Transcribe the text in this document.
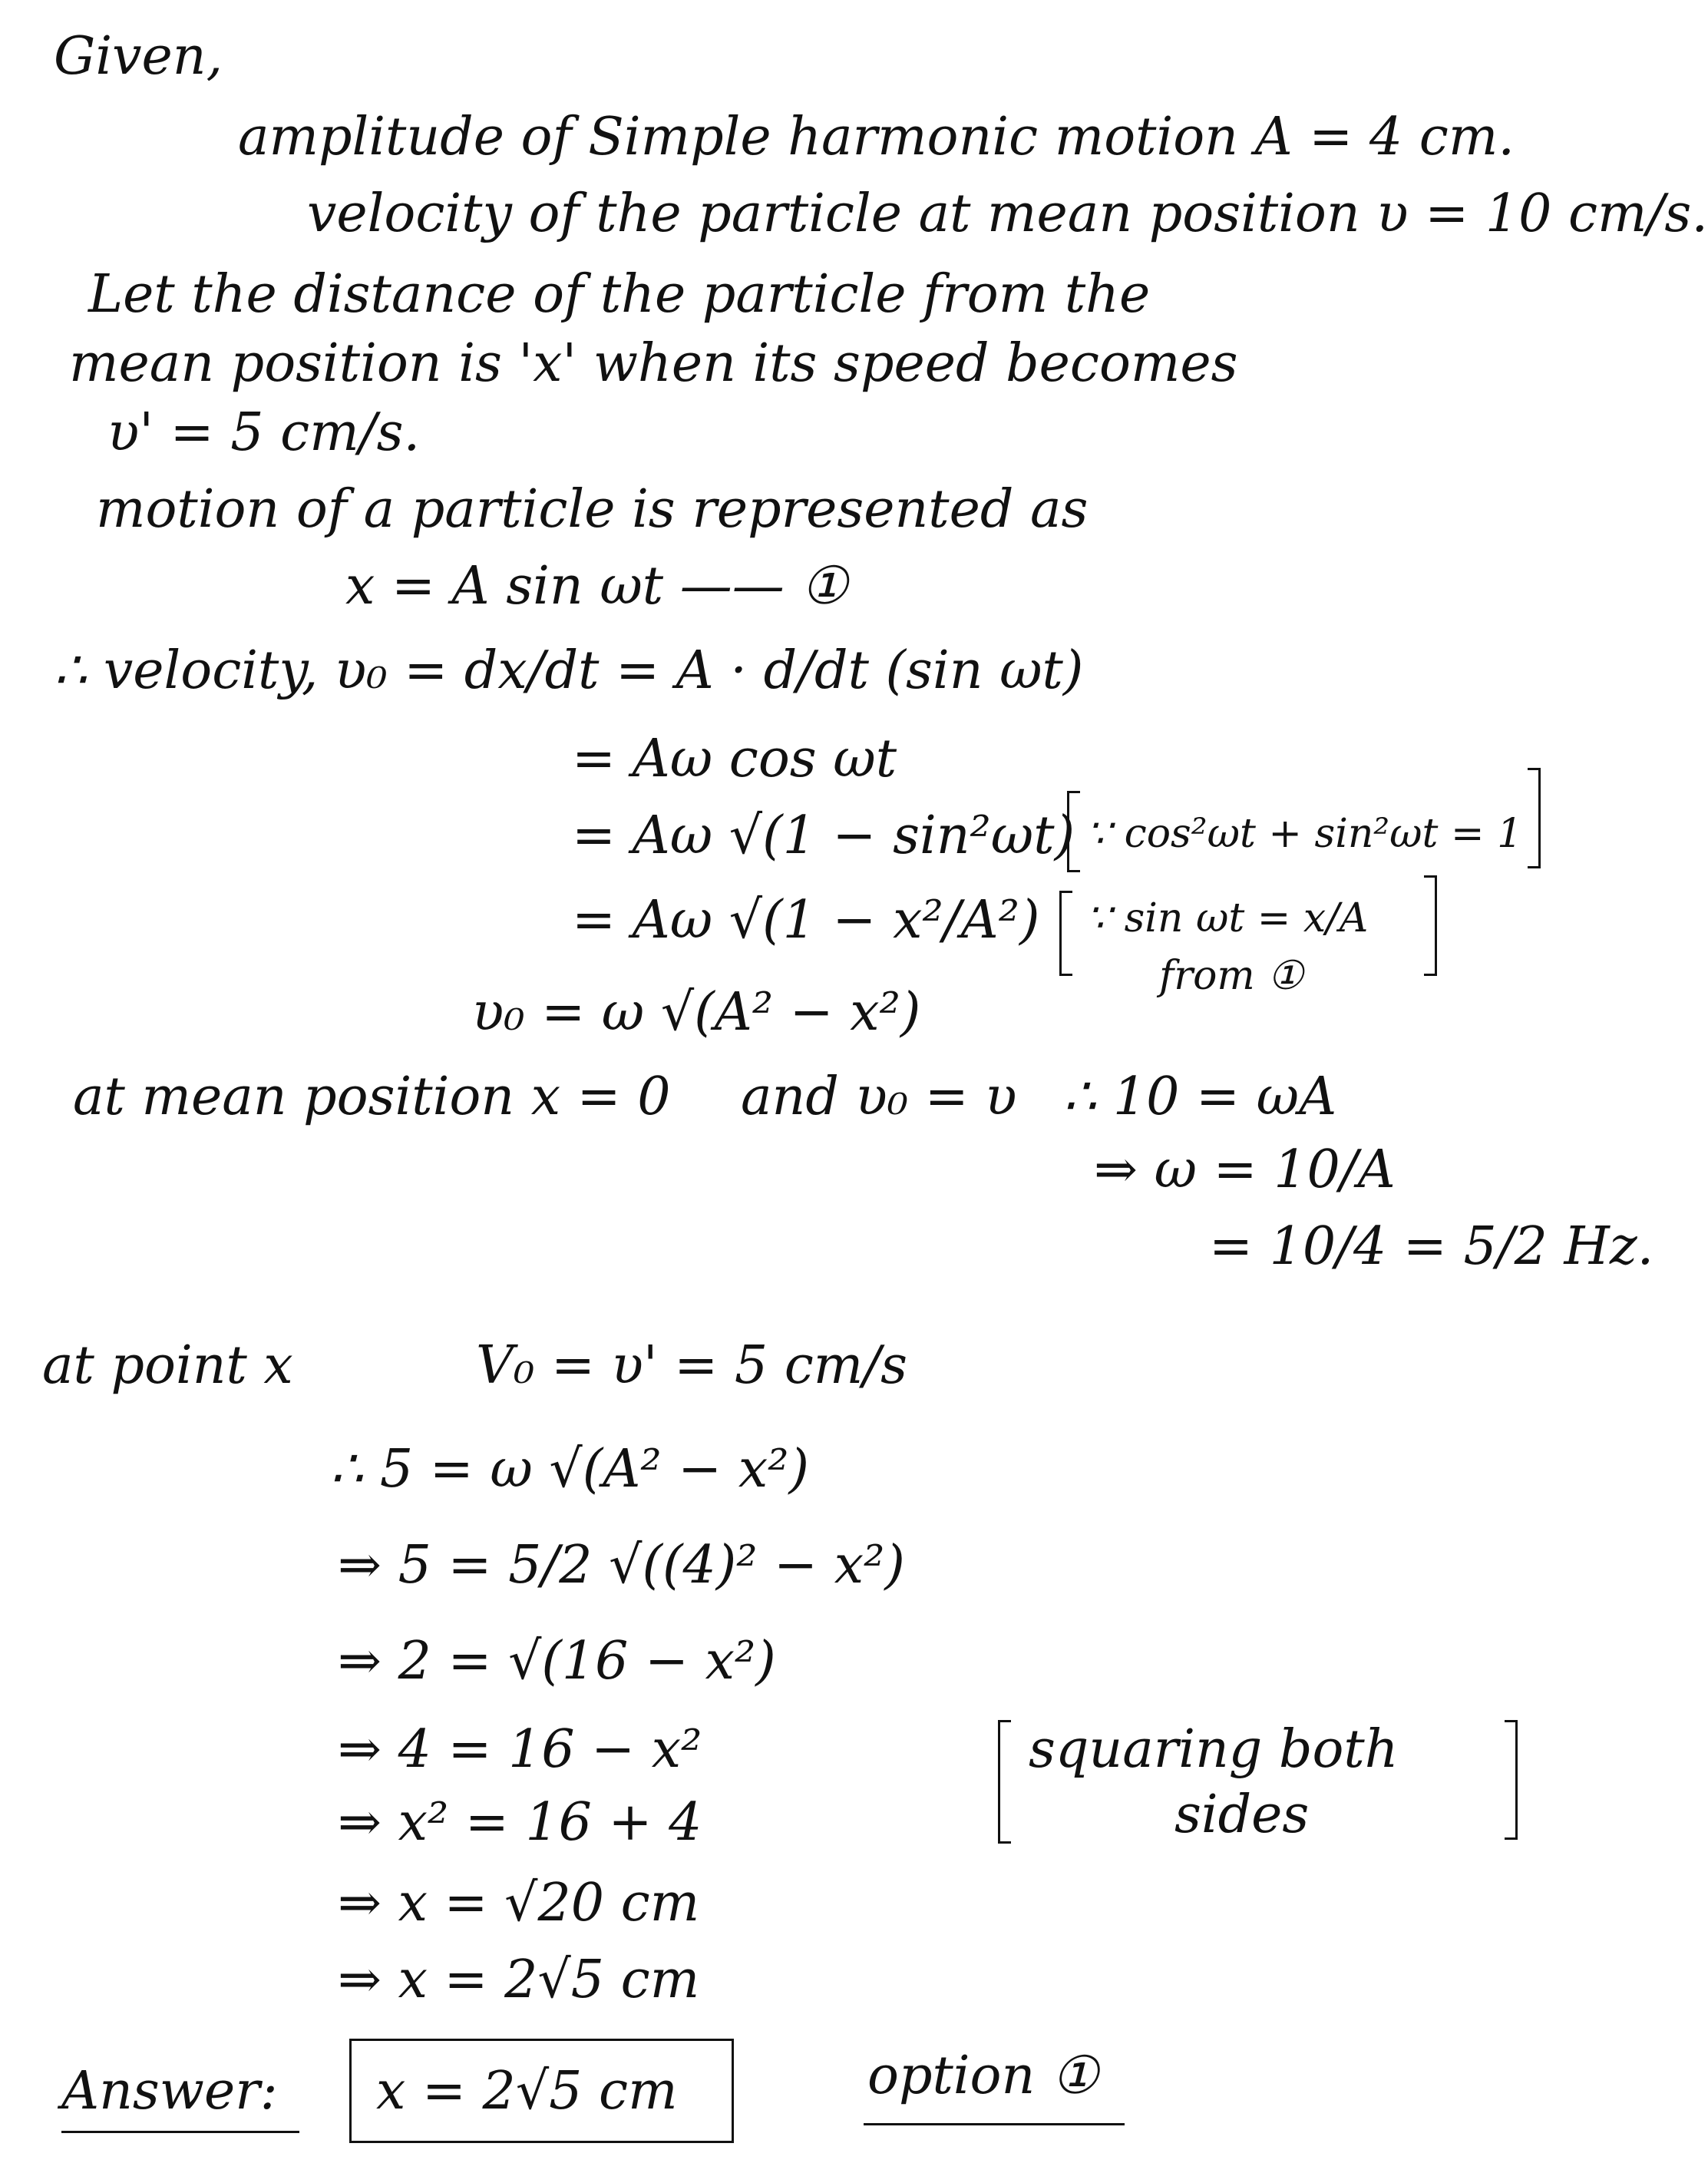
Given,
amplitude of Simple harmonic motion A = 4 cm.
velocity of the particle at mean position υ = 10 cm/s.
Let the distance of the particle from the
mean position is 'x' when its speed becomes
υ' = 5 cm/s.
motion of a particle is represented as
x = A sin ωt —— ①
∴ velocity, υ₀ = dx/dt = A · d/dt (sin ωt)
= Aω cos ωt
= Aω √(1 − sin²ωt) ∵ cos²ωt + sin²ωt = 1
= Aω √(1 − x²/A²) ∵ sin ωt = x/A
from ①
υ₀ = ω √(A² − x²)
at mean position x = 0 and υ₀ = υ ∴ 10 = ωA
⇒ ω = 10/A
= 10/4 = 5/2 Hz.
at point x	V₀ = υ' = 5 cm/s
∴ 5 = ω √(A² − x²)
⇒ 5 = 5/2 √((4)² − x²)
⇒ 2 = √(16 − x²)
⇒ 4 = 16 − x²
⇒ x² = 16 + 4
⇒ x = √20 cm
⇒ x = 2√5 cm
squaring both
sides
Answer: x = 2√5 cm	option ①
